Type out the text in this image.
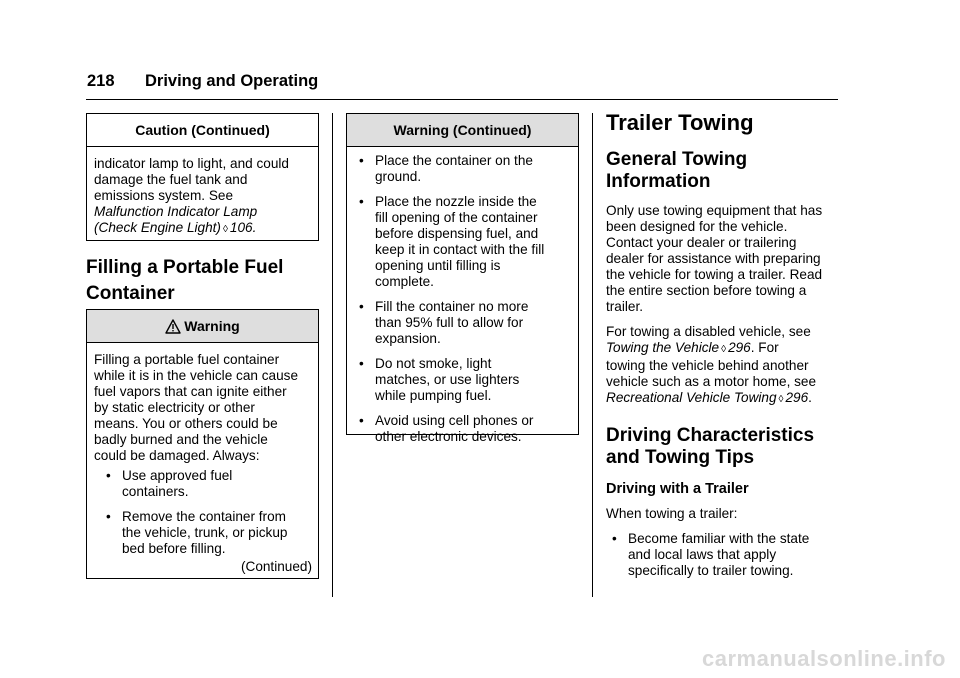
218 Driving and Operating
Caution (Continued)

indicator lamp to light, and could

damage the fuel tank and

emissions system. See

Malfunction Indicator Lamp

(Check Engine Light) ◊ 106.

Filling a Portable Fuel
Container
Warning

Filling a portable fuel container

while it is in the vehicle can cause

fuel vapors that can ignite either

by static electricity or other

means. You or others could be

badly burned and the vehicle

could be damaged. Always:

• Use approved fuel
containers.
• Remove the container from
the vehicle, trunk, or pickup
bed before filling.
(Continued)
Warning (Continued)
• Place the container on the
ground.
• Place the nozzle inside the
fill opening of the container
before dispensing fuel, and
keep it in contact with the fill
opening until filling is
complete.
• Fill the container no more
than 95% full to allow for
expansion.
• Do not smoke, light
matches, or use lighters
while pumping fuel.
• Avoid using cell phones or
other electronic devices.
Trailer Towing
General Towing
Information

Only use towing equipment that has

been designed for the vehicle.

Contact your dealer or trailering

dealer for assistance with preparing

the vehicle for towing a trailer. Read

the entire section before towing a

trailer.

For towing a disabled vehicle, see

Towing the Vehicle ◊ 296. For

towing the vehicle behind another

vehicle such as a motor home, see

Recreational Vehicle Towing ◊ 296.

Driving Characteristics
and Towing Tips
Driving with a Trailer
When towing a trailer:
• Become familiar with the state
and local laws that apply
specifically to trailer towing.
carmanualsonline.info
